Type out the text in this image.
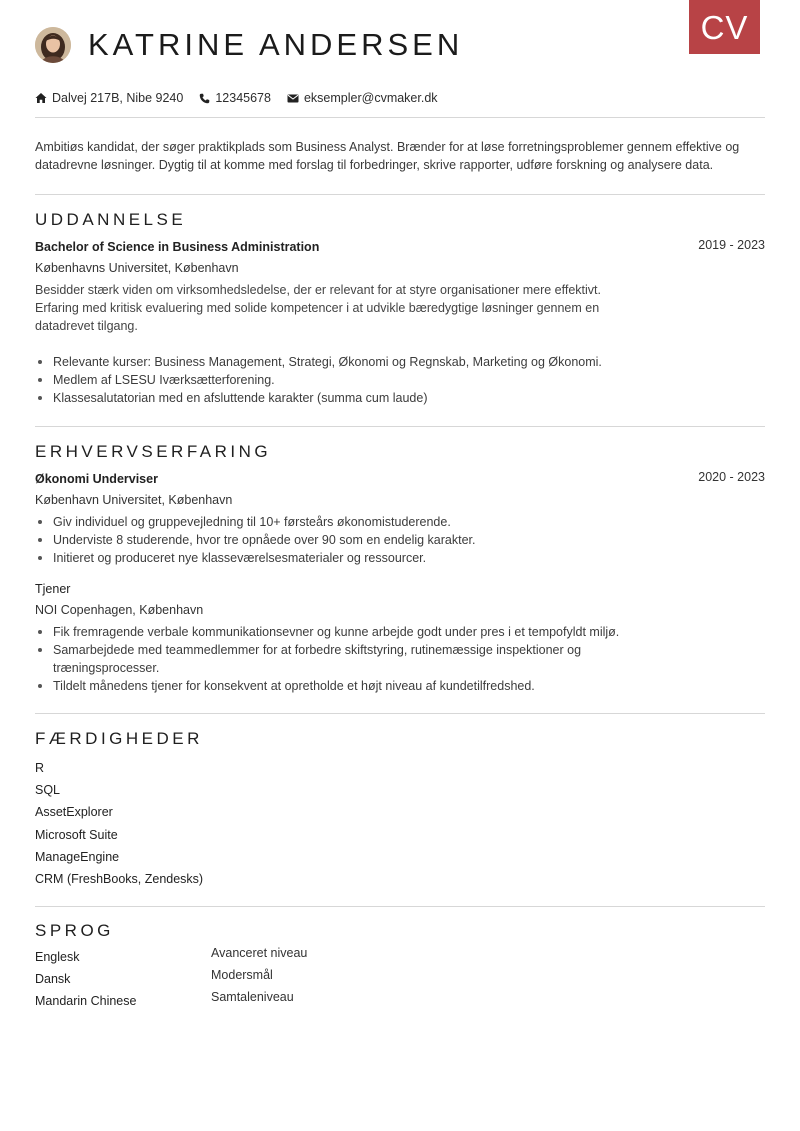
KATRINE ANDERSEN	CV
Dalvej 217B, Nibe 9240	12345678	eksempler@cvmaker.dk

Ambitiøs kandidat, der søger praktikplads som Business Analyst. Brænder for at løse forretningsproblemer gennem effektive og datadrevne løsninger. Dygtig til at komme med forslag til forbedringer, skrive rapporter, udføre forskning og analysere data.

UDDANNELSE

Bachelor of Science in Business Administration	2019 - 2023
Københavns Universitet, København
Besidder stærk viden om virksomhedsledelse, der er relevant for at styre organisationer mere effektivt. Erfaring med kritisk evaluering med solide kompetencer i at udvikle bæredygtige løsninger gennem en datadrevet tilgang.
Relevante kurser: Business Management, Strategi, Økonomi og Regnskab, Marketing og Økonomi.
Medlem af LSESU Iværksætterforening.
Klassesalutatorian med en afsluttende karakter (summa cum laude)
ERHVERVSERFARING

Økonomi Underviser	2020 - 2023
København Universitet, København
Giv individuel og gruppevejledning til 10+ førsteårs økonomistuderende.
Underviste 8 studerende, hvor tre opnåede over 90 som en endelig karakter.
Initieret og produceret nye klasseværelsesmaterialer og ressourcer.

Tjener

NOI Copenhagen, København
Fik fremragende verbale kommunikationsevner og kunne arbejde godt under pres i et tempofyldt miljø.
Samarbejdede med teammedlemmer for at forbedre skiftstyring, rutinemæssige inspektioner og træningsprocesser.
Tildelt månedens tjener for konsekvent at opretholde et højt niveau af kundetilfredshed.
FÆRDIGHEDER
R
SQL
AssetExplorer
Microsoft Suite
ManageEngine
CRM (FreshBooks, Zendesks)
SPROG
Englesk	Avanceret niveau
Dansk	Modersmål
Mandarin Chinese	Samtaleniveau
